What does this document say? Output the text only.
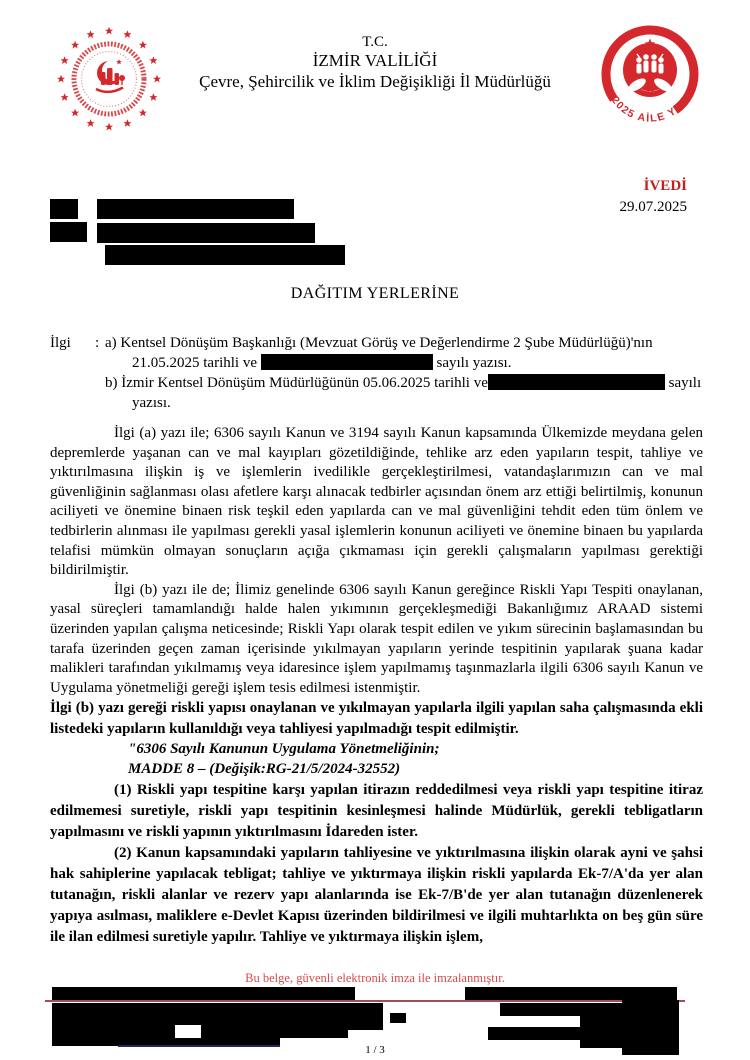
T.C.
İZMİR VALİLİĞİ
Çevre, Şehircilik ve İklim Değişikliği İl Müdürlüğü
2025 AİLE YILI
İVEDİ
29.07.2025
DAĞITIM YERLERİNE
İlgi	: a) Kentsel Dönüşüm Başkanlığı (Mevzuat Görüş ve Değerlendirme 2 Şube Müdürlüğü)'nın 21.05.2025 tarihli ve	sayılı yazısı.
b) İzmir Kentsel Dönüşüm Müdürlüğünün 05.06.2025 tarihli ve	sayılı yazısı.

İlgi (a) yazı ile; 6306 sayılı Kanun ve 3194 sayılı Kanun kapsamında Ülkemizde meydana gelen depremlerde yaşanan can ve mal kayıpları gözetildiğinde, tehlike arz eden yapıların tespit, tahliye ve yıktırılmasına ilişkin iş ve işlemlerin ivedilikle gerçekleştirilmesi, vatandaşlarımızın can ve mal güvenliğinin sağlanması olası afetlere karşı alınacak tedbirler açısından önem arz ettiği belirtilmiş, konunun aciliyeti ve önemine binaen risk teşkil eden yapılarda can ve mal güvenliğini tehdit eden tüm önlem ve tedbirlerin alınması ile yapılması gerekli yasal işlemlerin konunun aciliyeti ve önemine binaen bu yapılarda telafisi mümkün olmayan sonuçların açığa çıkmaması için gerekli çalışmaların yapılması gerektiği bildirilmiştir.

İlgi (b) yazı ile de; İlimiz genelinde 6306 sayılı Kanun gereğince Riskli Yapı Tespiti onaylanan, yasal süreçleri tamamlandığı halde halen yıkımının gerçekleşmediği Bakanlığımız ARAAD sistemi üzerinden yapılan çalışma neticesinde; Riskli Yapı olarak tespit edilen ve yıkım sürecinin başlamasından bu tarafa üzerinden geçen zaman içerisinde yıkılmayan yapıların yerinde tespitinin yapılarak şuana kadar malikleri tarafından yıkılmamış veya idaresince işlem yapılmamış taşınmazlarla ilgili 6306 sayılı Kanun ve Uygulama yönetmeliği gereği işlem tesis edilmesi istenmiştir.

İlgi (b) yazı gereği riskli yapısı onaylanan ve yıkılmayan yapılarla ilgili yapılan saha çalışmasında ekli listedeki yapıların kullanıldığı veya tahliyesi yapılmadığı tespit edilmiştir.

"6306 Sayılı Kanunun Uygulama Yönetmeliğinin;

MADDE 8 – (Değişik:RG-21/5/2024-32552)

(1) Riskli yapı tespitine karşı yapılan itirazın reddedilmesi veya riskli yapı tespitine itiraz edilmemesi suretiyle, riskli yapı tespitinin kesinleşmesi halinde Müdürlük, gerekli tebligatların yapılmasını ve riskli yapının yıktırılmasını İdareden ister.

(2) Kanun kapsamındaki yapıların tahliyesine ve yıktırılmasına ilişkin olarak ayni ve şahsi hak sahiplerine yapılacak tebligat; tahliye ve yıktırmaya ilişkin riskli yapılarda Ek-7/A'da yer alan tutanağın, riskli alanlar ve rezerv yapı alanlarında ise Ek-7/B'de yer alan tutanağın düzenlenerek yapıya asılması, maliklere e-Devlet Kapısı üzerinden bildirilmesi ve ilgili muhtarlıkta on beş gün süre ile ilan edilmesi suretiyle yapılır. Tahliye ve yıktırmaya ilişkin işlem,

Bu belge, güvenli elektronik imza ile imzalanmıştır.
1 / 3
